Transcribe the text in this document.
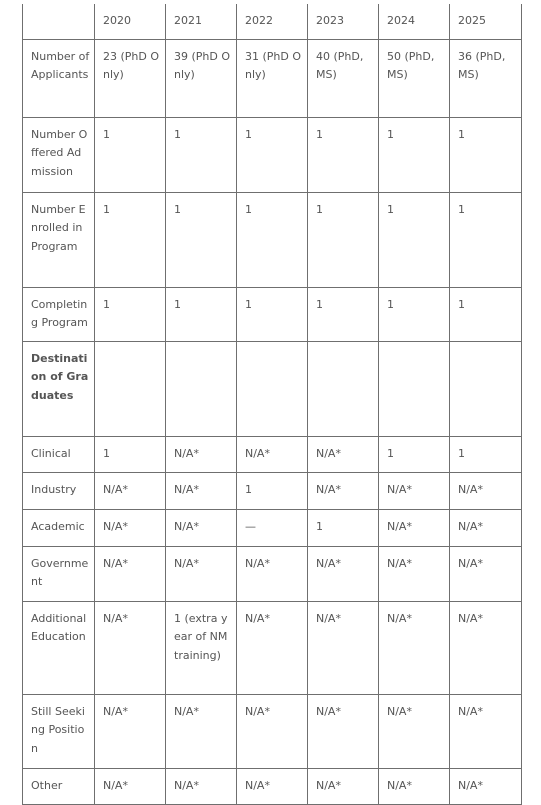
	2020	2021	2022	2023	2024	2025
Number of Applicants	23 (PhD Only)	39 (PhD Only)	31 (PhD Only)	40 (PhD, MS)	50 (PhD, MS)	36 (PhD, MS)
Number Offered Admission	1	1	1	1	1	1
Number Enrolled in Program	1	1	1	1	1	1
Completing Program	1	1	1	1	1	1
Destination of Graduates						
Clinical	1	N/A*	N/A*	N/A*	1	1
Industry	N/A*	N/A*	1	N/A*	N/A*	N/A*
Academic	N/A*	N/A*	—	1	N/A*	N/A*
Government	N/A*	N/A*	N/A*	N/A*	N/A*	N/A*
Additional Education	N/A*	1 (extra year of NM training)	N/A*	N/A*	N/A*	N/A*
Still Seeking Position	N/A*	N/A*	N/A*	N/A*	N/A*	N/A*
Other	N/A*	N/A*	N/A*	N/A*	N/A*	N/A*
